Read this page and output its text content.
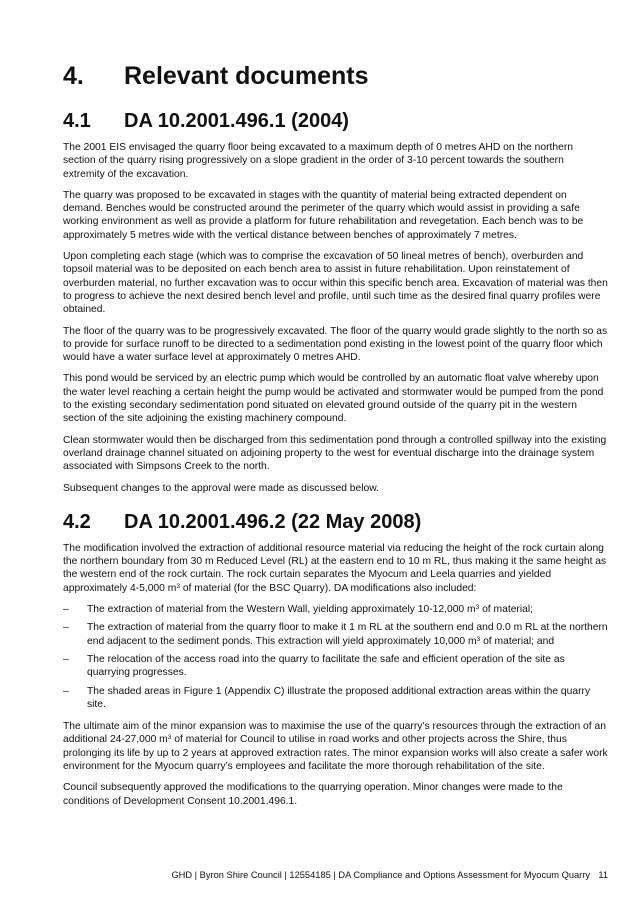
4.	Relevant documents
4.1	DA 10.2001.496.1 (2004)

The 2001 EIS envisaged the quarry floor being excavated to a maximum depth of 0 metres AHD on the northern section of the quarry rising progressively on a slope gradient in the order of 3-10 percent towards the southern extremity of the excavation.

The quarry was proposed to be excavated in stages with the quantity of material being extracted dependent on demand. Benches would be constructed around the perimeter of the quarry which would assist in providing a safe working environment as well as provide a platform for future rehabilitation and revegetation. Each bench was to be approximately 5 metres wide with the vertical distance between benches of approximately 7 metres.

Upon completing each stage (which was to comprise the excavation of 50 lineal metres of bench), overburden and topsoil material was to be deposited on each bench area to assist in future rehabilitation. Upon reinstatement of overburden material, no further excavation was to occur within this specific bench area. Excavation of material was then to progress to achieve the next desired bench level and profile, until such time as the desired final quarry profiles were obtained.

The floor of the quarry was to be progressively excavated. The floor of the quarry would grade slightly to the north so as to provide for surface runoff to be directed to a sedimentation pond existing in the lowest point of the quarry floor which would have a water surface level at approximately 0 metres AHD.

This pond would be serviced by an electric pump which would be controlled by an automatic float valve whereby upon the water level reaching a certain height the pump would be activated and stormwater would be pumped from the pond to the existing secondary sedimentation pond situated on elevated ground outside of the quarry pit in the western section of the site adjoining the existing machinery compound.

Clean stormwater would then be discharged from this sedimentation pond through a controlled spillway into the existing overland drainage channel situated on adjoining property to the west for eventual discharge into the drainage system associated with Simpsons Creek to the north.

Subsequent changes to the approval were made as discussed below.

4.2	DA 10.2001.496.2 (22 May 2008)

The modification involved the extraction of additional resource material via reducing the height of the rock curtain along the northern boundary from 30 m Reduced Level (RL) at the eastern end to 10 m RL, thus making it the same height as the western end of the rock curtain. The rock curtain separates the Myocum and Leela quarries and yielded approximately 4-5,000 $m^3$ of material (for the BSC Quarry). DA modifications also included:

–	The extraction of material from the Western Wall, yielding approximately 10-12,000 $m^3$ of material;
–	The extraction of material from the quarry floor to make it 1 m RL at the southern end and 0.0 m RL at the northern end adjacent to the sediment ponds. This extraction will yield approximately 10,000 $m^3$ of material; and
–	The relocation of the access road into the quarry to facilitate the safe and efficient operation of the site as quarrying progresses.
–	The shaded areas in Figure 1 (Appendix C) illustrate the proposed additional extraction areas within the quarry site.

The ultimate aim of the minor expansion was to maximise the use of the quarry’s resources through the extraction of an additional 24-27,000 $m^3$ of material for Council to utilise in road works and other projects across the Shire, thus prolonging its life by up to 2 years at approved extraction rates. The minor expansion works will also create a safer work environment for the Myocum quarry’s employees and facilitate the more thorough rehabilitation of the site.

Council subsequently approved the modifications to the quarrying operation. Minor changes were made to the conditions of Development Consent 10.2001.496.1.

GHD | Byron Shire Council | 12554185 | DA Compliance and Options Assessment for Myocum Quarry 11
